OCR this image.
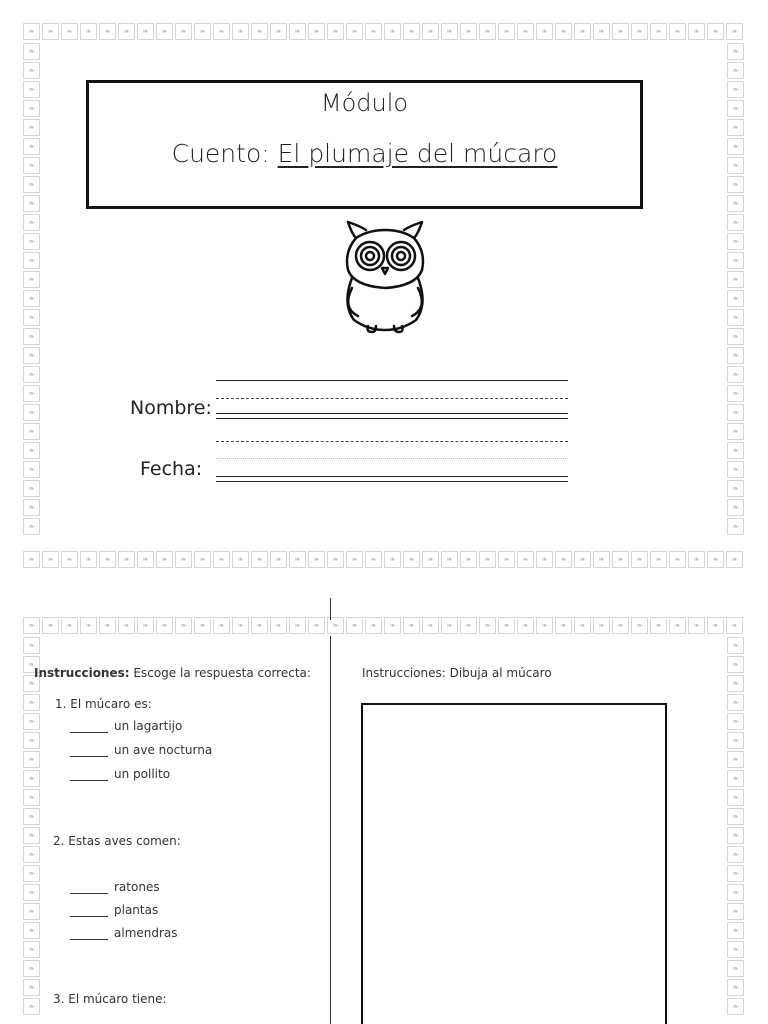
❧	❧	❧	❧	❧	❧	❧	❧	❧	❧	❧	❧	❧	❧	❧	❧	❧	❧	❧	❧	❧	❧	❧	❧	❧	❧	❧	❧	❧	❧	❧	❧	❧	❧	❧	❧	❧	❧
❧	❧	❧	❧	❧	❧	❧	❧	❧	❧	❧	❧	❧	❧	❧	❧	❧	❧	❧	❧	❧	❧	❧	❧	❧	❧	❧	❧	❧	❧	❧	❧	❧	❧	❧	❧	❧	❧
❧
❧
❧
❧
❧
❧
❧
❧
❧
❧
❧
❧
❧
❧
❧
❧
❧
❧
❧
❧
❧
❧
❧
❧
❧
❧
❧
❧
❧
❧
❧
❧
❧
❧
❧
❧
❧
❧
❧
❧
❧
❧
❧
❧
❧
❧
❧
❧
❧
❧
❧
❧
Módulo
Cuento: El plumaje del múcaro
Nombre:
Fecha:
❧	❧	❧	❧	❧	❧	❧	❧	❧	❧	❧	❧	❧	❧	❧	❧	❧	❧	❧	❧	❧	❧	❧	❧	❧	❧	❧	❧	❧	❧	❧	❧	❧	❧	❧	❧	❧	❧
❧
❧
❧
❧
❧
❧
❧
❧
❧
❧
❧
❧
❧
❧
❧
❧
❧
❧
❧
❧
❧
❧
❧
❧
❧
❧
❧
❧
❧
❧
❧
❧
❧
❧
❧
❧
❧
❧
❧
❧
Instrucciones: Escoge la respuesta correcta:
1. El múcaro es:
un lagartijo
un ave nocturna
un pollito
2. Estas aves comen:
ratones
plantas
almendras
3. El múcaro tiene:
Instrucciones: Dibuja al múcaro
